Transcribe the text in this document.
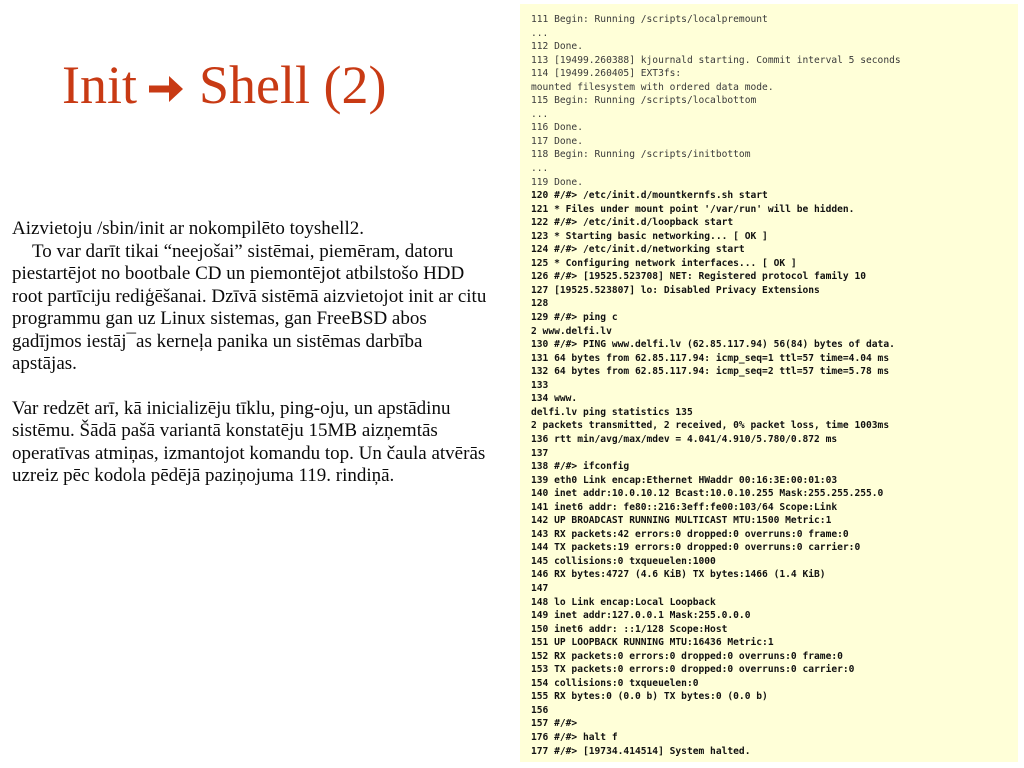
Init Shell (2)

Aizvietoju /sbin/init ar nokompilēto toyshell2.

To var darīt tikai “neejošai” sistēmai, piemēram, datoru piestartējot no bootbale CD un piemontējot atbilstošo HDD root partīciju rediģēšanai. Dzīvā sistēmā aizvietojot init ar citu programmu gan uz Linux sistemas, gan FreeBSD abos gadījmos iestāj¯as kerneļa panika un sistēmas darbība apstājas.

Var redzēt arī, kā inicializēju tīklu, ping-oju, un apstādinu sistēmu. Šādā pašā variantā konstatēju 15MB aizņemtās operatīvas atmiņas, izmantojot komandu top. Un čaula atvērās uzreiz pēc kodola pēdējā paziņojuma 119. rindiņā.

111 Begin: Running /scripts/localpremount
...
112 Done.
113 [19499.260388] kjournald starting. Commit interval 5 seconds
114 [19499.260405] EXT3fs:
mounted filesystem with ordered data mode.
115 Begin: Running /scripts/localbottom
...
116 Done.
117 Done.
118 Begin: Running /scripts/initbottom
...
119 Done.
120 #/#> /etc/init.d/mountkernfs.sh start
121 * Files under mount point '/var/run' will be hidden.
122 #/#> /etc/init.d/loopback start
123 * Starting basic networking... [ OK ]
124 #/#> /etc/init.d/networking start
125 * Configuring network interfaces... [ OK ]
126 #/#> [19525.523708] NET: Registered protocol family 10
127 [19525.523807] lo: Disabled Privacy Extensions
128
129 #/#> ping c
2 www.delfi.lv
130 #/#> PING www.delfi.lv (62.85.117.94) 56(84) bytes of data.
131 64 bytes from 62.85.117.94: icmp_seq=1 ttl=57 time=4.04 ms
132 64 bytes from 62.85.117.94: icmp_seq=2 ttl=57 time=5.78 ms
133
134 www.
delfi.lv ping statistics 135
2 packets transmitted, 2 received, 0% packet loss, time 1003ms
136 rtt min/avg/max/mdev = 4.041/4.910/5.780/0.872 ms
137
138 #/#> ifconfig
139 eth0 Link encap:Ethernet HWaddr 00:16:3E:00:01:03
140 inet addr:10.0.10.12 Bcast:10.0.10.255 Mask:255.255.255.0
141 inet6 addr: fe80::216:3eff:fe00:103/64 Scope:Link
142 UP BROADCAST RUNNING MULTICAST MTU:1500 Metric:1
143 RX packets:42 errors:0 dropped:0 overruns:0 frame:0
144 TX packets:19 errors:0 dropped:0 overruns:0 carrier:0
145 collisions:0 txqueuelen:1000
146 RX bytes:4727 (4.6 KiB) TX bytes:1466 (1.4 KiB)
147
148 lo Link encap:Local Loopback
149 inet addr:127.0.0.1 Mask:255.0.0.0
150 inet6 addr: ::1/128 Scope:Host
151 UP LOOPBACK RUNNING MTU:16436 Metric:1
152 RX packets:0 errors:0 dropped:0 overruns:0 frame:0
153 TX packets:0 errors:0 dropped:0 overruns:0 carrier:0
154 collisions:0 txqueuelen:0
155 RX bytes:0 (0.0 b) TX bytes:0 (0.0 b)
156
157 #/#>
176 #/#> halt f
177 #/#> [19734.414514] System halted.
